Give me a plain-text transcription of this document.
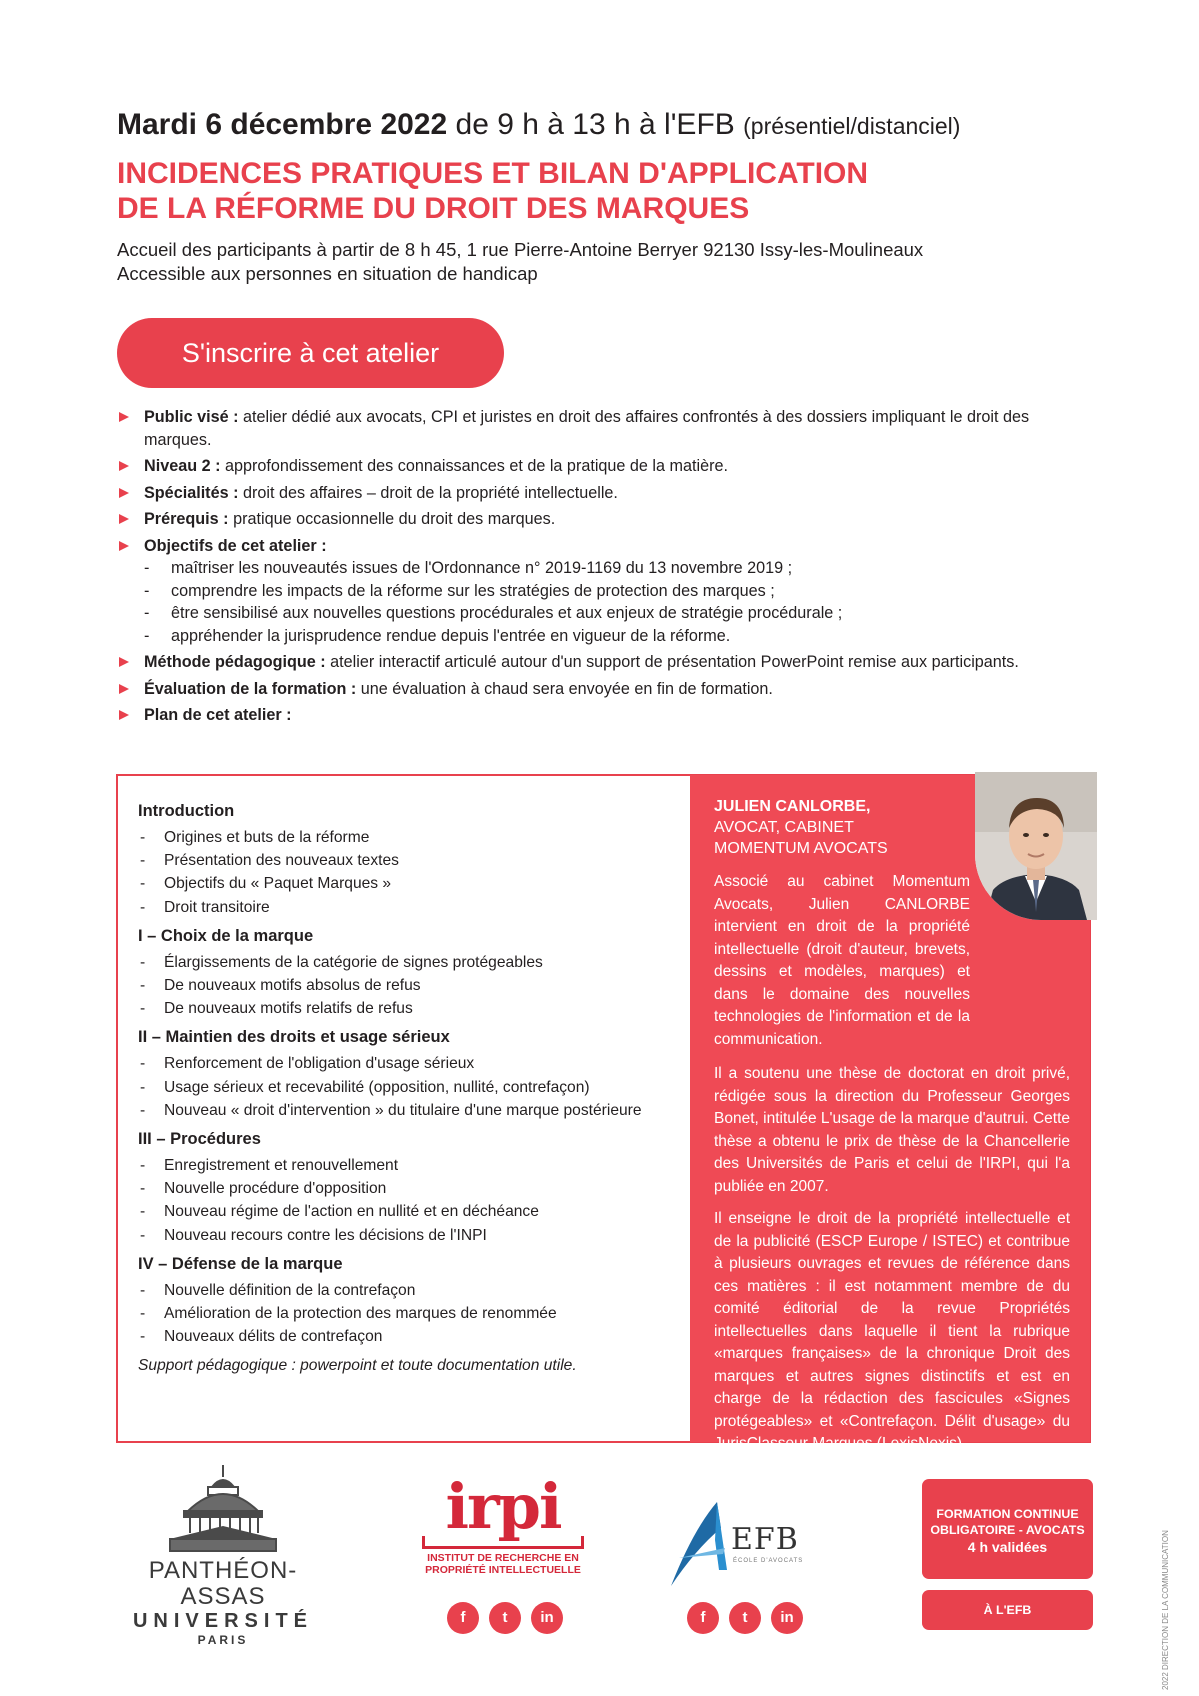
Mardi 6 décembre 2022 de 9 h à 13 h à l'EFB (présentiel/distanciel)
INCIDENCES PRATIQUES ET BILAN D'APPLICATION
DE LA RÉFORME DU DROIT DES MARQUES
Accueil des participants à partir de 8 h 45, 1 rue Pierre-Antoine Berryer 92130 Issy-les-Moulineaux
Accessible aux personnes en situation de handicap
S'inscrire à cet atelier
Public visé : atelier dédié aux avocats, CPI et juristes en droit des affaires confrontés à des dossiers impliquant le droit des marques.
Niveau 2 : approfondissement des connaissances et de la pratique de la matière.
Spécialités : droit des affaires – droit de la propriété intellectuelle.
Prérequis : pratique occasionnelle du droit des marques.
Objectifs de cet atelier :
- maîtriser les nouveautés issues de l'Ordonnance n° 2019-1169 du 13 novembre 2019 ;
- comprendre les impacts de la réforme sur les stratégies de protection des marques ;
- être sensibilisé aux nouvelles questions procédurales et aux enjeux de stratégie procédurale ;
- appréhender la jurisprudence rendue depuis l'entrée en vigueur de la réforme.
Méthode pédagogique : atelier interactif articulé autour d'un support de présentation PowerPoint remise aux participants.
Évaluation de la formation : une évaluation à chaud sera envoyée en fin de formation.
Plan de cet atelier :
Introduction
- Origines et buts de la réforme
- Présentation des nouveaux textes
- Objectifs du « Paquet Marques »
- Droit transitoire
I – Choix de la marque
- Élargissements de la catégorie de signes protégeables
- De nouveaux motifs absolus de refus
- De nouveaux motifs relatifs de refus
II – Maintien des droits et usage sérieux
- Renforcement de l'obligation d'usage sérieux
- Usage sérieux et recevabilité (opposition, nullité, contrefaçon)
- Nouveau « droit d'intervention » du titulaire d'une marque postérieure
III – Procédures
- Enregistrement et renouvellement
- Nouvelle procédure d'opposition
- Nouveau régime de l'action en nullité et en déchéance
- Nouveau recours contre les décisions de l'INPI
IV – Défense de la marque
- Nouvelle définition de la contrefaçon
- Amélioration de la protection des marques de renommée
- Nouveaux délits de contrefaçon
Support pédagogique : powerpoint et toute documentation utile.
JULIEN CANLORBE,
AVOCAT, CABINET
MOMENTUM AVOCATS

Associé au cabinet Momentum Avocats, Julien CANLORBE intervient en droit de la propriété intellectuelle (droit d'auteur, brevets, dessins et modèles, marques) et dans le domaine des nouvelles technologies de l'information et de la communication.

Il a soutenu une thèse de doctorat en droit privé, rédigée sous la direction du Professeur Georges Bonet, intitulée L'usage de la marque d'autrui. Cette thèse a obtenu le prix de thèse de la Chancellerie des Universités de Paris et celui de l'IRPI, qui l'a publiée en 2007.

Il enseigne le droit de la propriété intellectuelle et de la publicité (ESCP Europe / ISTEC) et contribue à plusieurs ouvrages et revues de référence dans ces matières : il est notamment membre de du comité éditorial de la revue Propriétés intellectuelles dans laquelle il tient la rubrique «marques françaises» de la chronique Droit des marques et autres signes distinctifs et est en charge de la rédaction des fascicules «Signes protégeables» et «Contrefaçon. Délit d'usage» du JurisClasseur Marques (LexisNexis).

PANTHÉON-ASSAS
UNIVERSITÉ
PARIS
irpi
INSTITUT DE RECHERCHE EN
PROPRIÉTÉ INTELLECTUELLE
f t in
EFB
ÉCOLE D'AVOCATS
f t in
FORMATION CONTINUE
OBLIGATOIRE - AVOCATS
4 h validées
À L'EFB	2022 DIRECTION DE LA COMMUNICATION
